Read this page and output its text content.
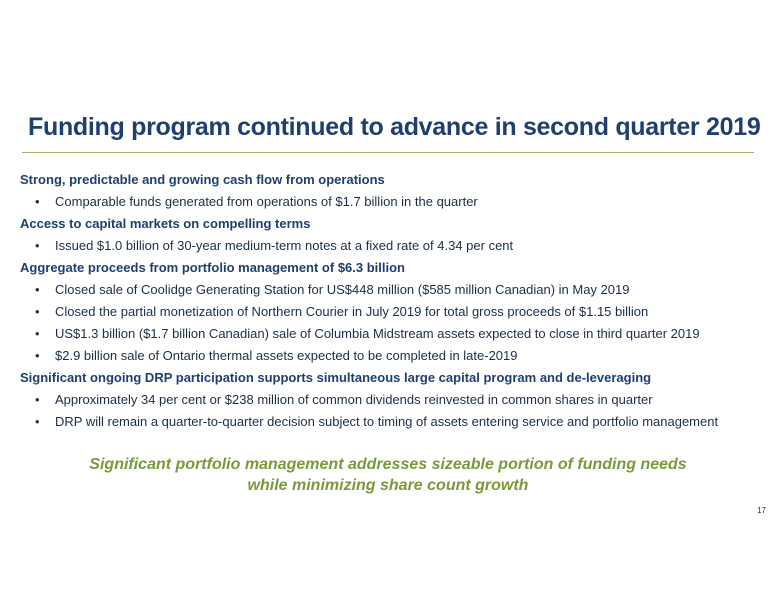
Funding program continued to advance in second quarter 2019
Strong, predictable and growing cash flow from operations
• Comparable funds generated from operations of $1.7 billion in the quarter
Access to capital markets on compelling terms
• Issued $1.0 billion of 30-year medium-term notes at a fixed rate of 4.34 per cent
Aggregate proceeds from portfolio management of $6.3 billion
• Closed sale of Coolidge Generating Station for US$448 million ($585 million Canadian) in May 2019
• Closed the partial monetization of Northern Courier in July 2019 for total gross proceeds of $1.15 billion
• US$1.3 billion ($1.7 billion Canadian) sale of Columbia Midstream assets expected to close in third quarter 2019
• $2.9 billion sale of Ontario thermal assets expected to be completed in late-2019
Significant ongoing DRP participation supports simultaneous large capital program and de-leveraging
• Approximately 34 per cent or $238 million of common dividends reinvested in common shares in quarter
• DRP will remain a quarter-to-quarter decision subject to timing of assets entering service and portfolio management
Significant portfolio management addresses sizeable portion of funding needs
while minimizing share count growth
17
